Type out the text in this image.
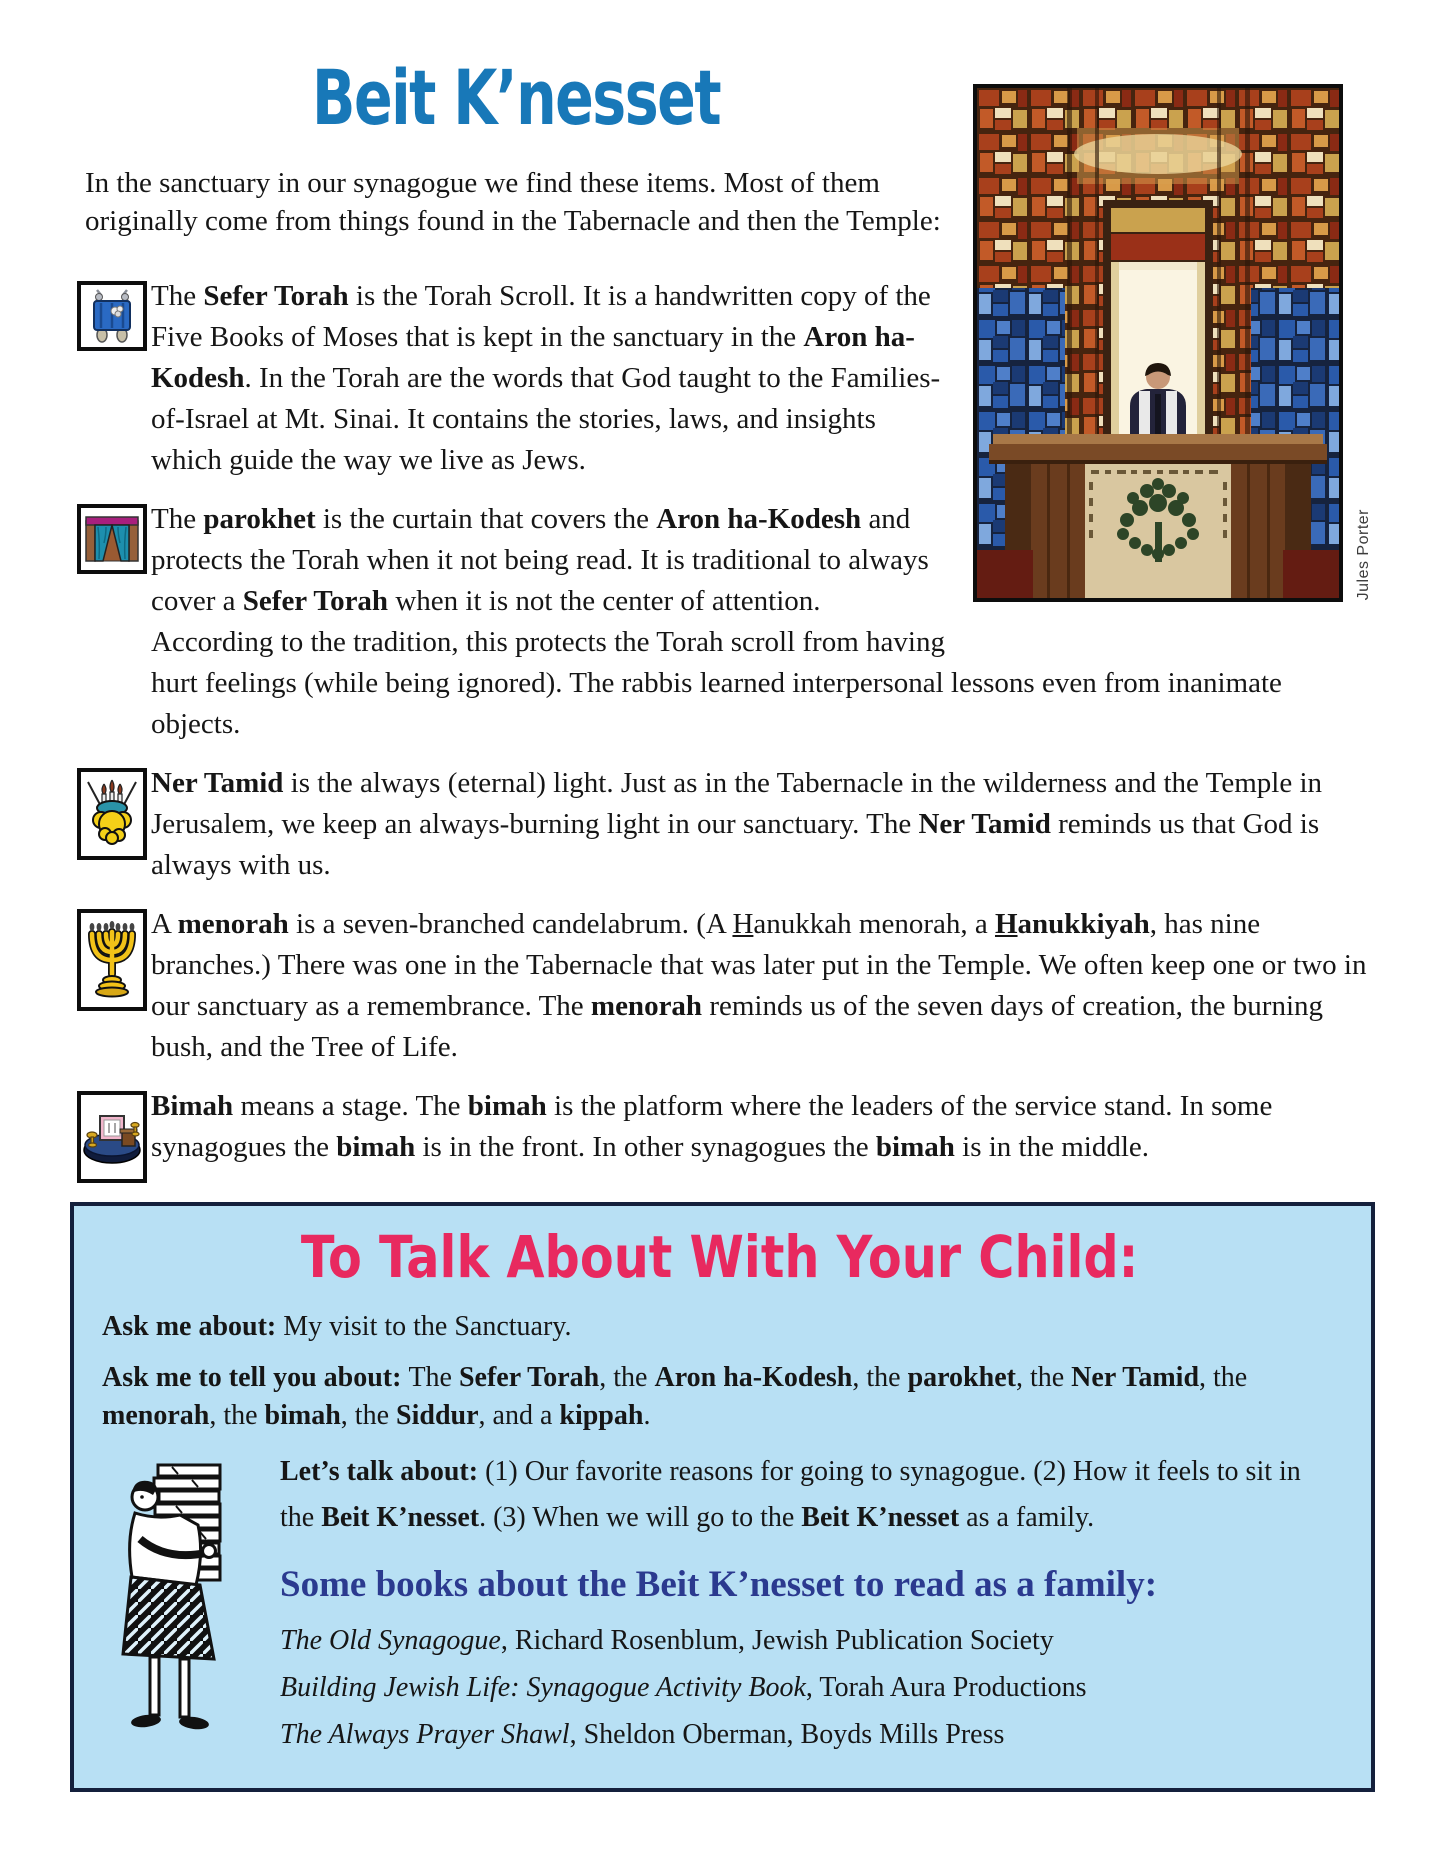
Jules Porter
Beit K’nesset

In the sanctuary in our synagogue we find these items. Most of them originally come from things found in the Tabernacle and then the Temple:

The Sefer Torah is the Torah Scroll. It is a handwritten copy of the Five Books of Moses that is kept in the sanctuary in the Aron ha-Kodesh. In the Torah are the words that God taught to the Families-of-Israel at Mt. Sinai. It contains the stories, laws, and insights which guide the way we live as Jews.
The parokhet is the curtain that covers the Aron ha-Kodesh and protects the Torah when it not being read. It is traditional to always cover a Sefer Torah when it is not the center of attention. According to the tradition, this protects the Torah scroll from having hurt feelings (while being ignored). The rabbis learned interpersonal lessons even from inanimate objects.
Ner Tamid is the always (eternal) light. Just as in the Tabernacle in the wilderness and the Temple in Jerusalem, we keep an always-burning light in our sanctuary. The Ner Tamid reminds us that God is always with us.
A menorah is a seven-branched candelabrum. (A Hanukkah menorah, a Hanukkiyah, has nine branches.) There was one in the Tabernacle that was later put in the Temple. We often keep one or two in our sanctuary as a remembrance. The menorah reminds us of the seven days of creation, the burning bush, and the Tree of Life.
Bimah means a stage. The bimah is the platform where the leaders of the service stand. In some synagogues the bimah is in the front. In other synagogues the bimah is in the middle.
To Talk About With Your Child:

Ask me about: My visit to the Sanctuary.

Ask me to tell you about: The Sefer Torah, the Aron ha-Kodesh, the parokhet, the Ner Tamid, the menorah, the bimah, the Siddur, and a kippah.

Let’s talk about: (1) Our favorite reasons for going to synagogue. (2) How it feels to sit in the Beit K’nesset. (3) When we will go to the Beit K’nesset as a family.

Some books about the Beit K’nesset to read as a family:

The Old Synagogue, Richard Rosenblum, Jewish Publication Society

Building Jewish Life: Synagogue Activity Book, Torah Aura Productions

The Always Prayer Shawl, Sheldon Oberman, Boyds Mills Press
